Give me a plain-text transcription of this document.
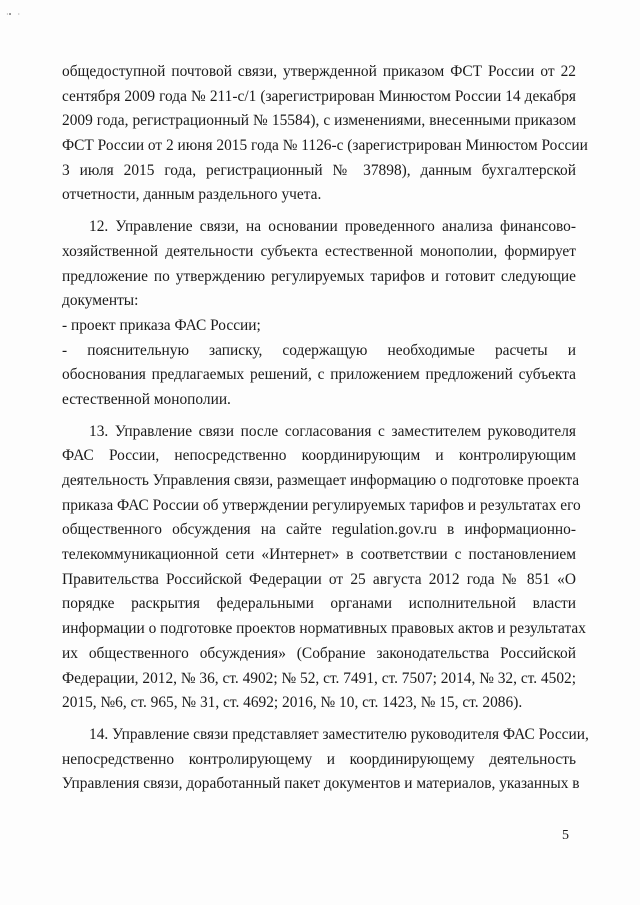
·•   ·
общедоступной почтовой связи, утвержденной приказом ФСТ России от 22
сентября 2009 года № 211-с/1 (зарегистрирован Минюстом России 14 декабря
2009 года, регистрационный № 15584), с изменениями, внесенными приказом
ФСТ России от 2 июня 2015 года № 1126-с (зарегистрирован Минюстом России
3 июля 2015 года, регистрационный № 37898), данным бухгалтерской
отчетности, данным раздельного учета.
12. Управление связи, на основании проведенного анализа финансово-
хозяйственной деятельности субъекта естественной монополии, формирует
предложение по утверждению регулируемых тарифов и готовит следующие
документы:
- проект приказа ФАС России;
- пояснительную записку, содержащую необходимые расчеты и
обоснования предлагаемых решений, с приложением предложений субъекта
естественной монополии.
13. Управление связи после согласования с заместителем руководителя
ФАС России, непосредственно координирующим и контролирующим
деятельность Управления связи, размещает информацию о подготовке проекта
приказа ФАС России об утверждении регулируемых тарифов и результатах его
общественного обсуждения на сайте regulation.gov.ru в информационно-
телекоммуникационной сети «Интернет» в соответствии с постановлением
Правительства Российской Федерации от 25 августа 2012 года № 851 «О
порядке раскрытия федеральными органами исполнительной власти
информации о подготовке проектов нормативных правовых актов и результатах
их общественного обсуждения» (Собрание законодательства Российской
Федерации, 2012, № 36, ст. 4902; № 52, ст. 7491, ст. 7507; 2014, № 32, ст. 4502;
2015, №6, ст. 965, № 31, ст. 4692; 2016, № 10, ст. 1423, № 15, ст. 2086).
14. Управление связи представляет заместителю руководителя ФАС России,
непосредственно контролирующему и координирующему деятельность
Управления связи, доработанный пакет документов и материалов, указанных в
5
